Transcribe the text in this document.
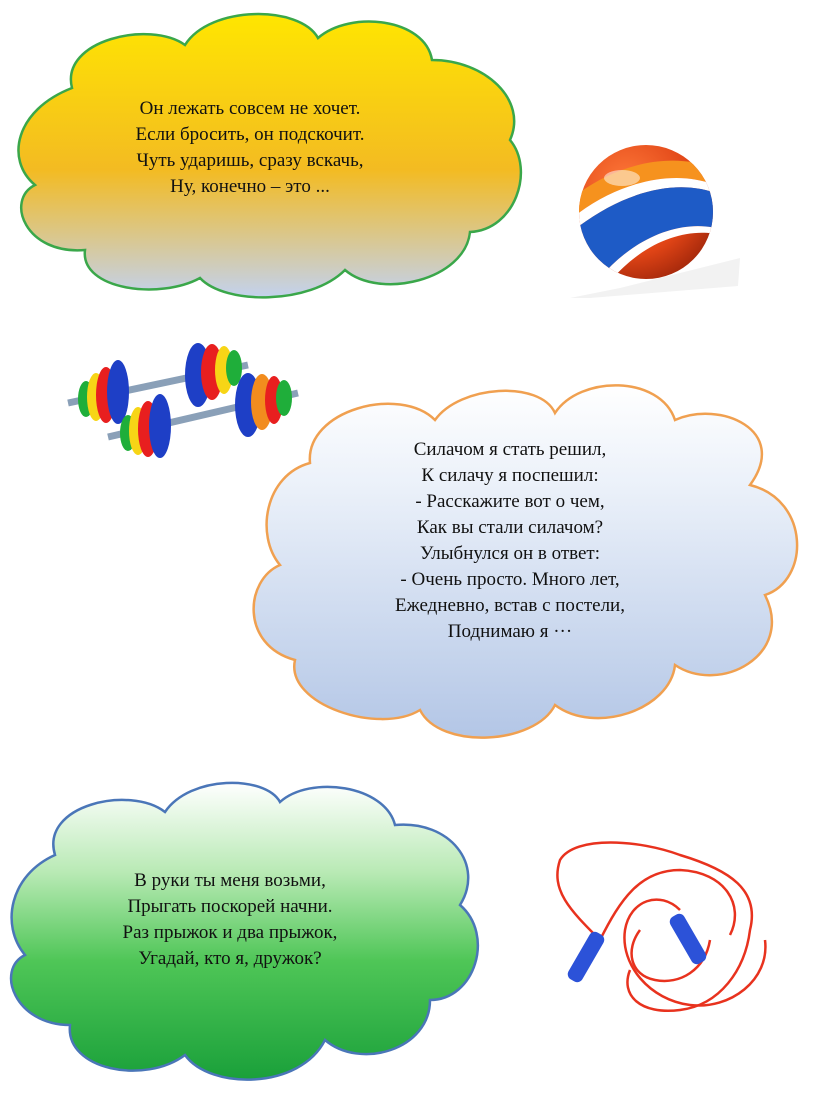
Он лежать совсем не хочет.
Если бросить, он подскочит.
Чуть ударишь, сразу вскачь,
Ну, конечно – это ...
Силачом я стать решил,
К силачу я поспешил:
- Расскажите вот о чем,
Как вы стали силачом?
Улыбнулся он в ответ:
- Очень просто. Много лет,
Ежедневно, встав с постели,
Поднимаю я ···
В руки ты меня возьми,
Прыгать поскорей начни.
Раз прыжок и два прыжок,
Угадай, кто я, дружок?
